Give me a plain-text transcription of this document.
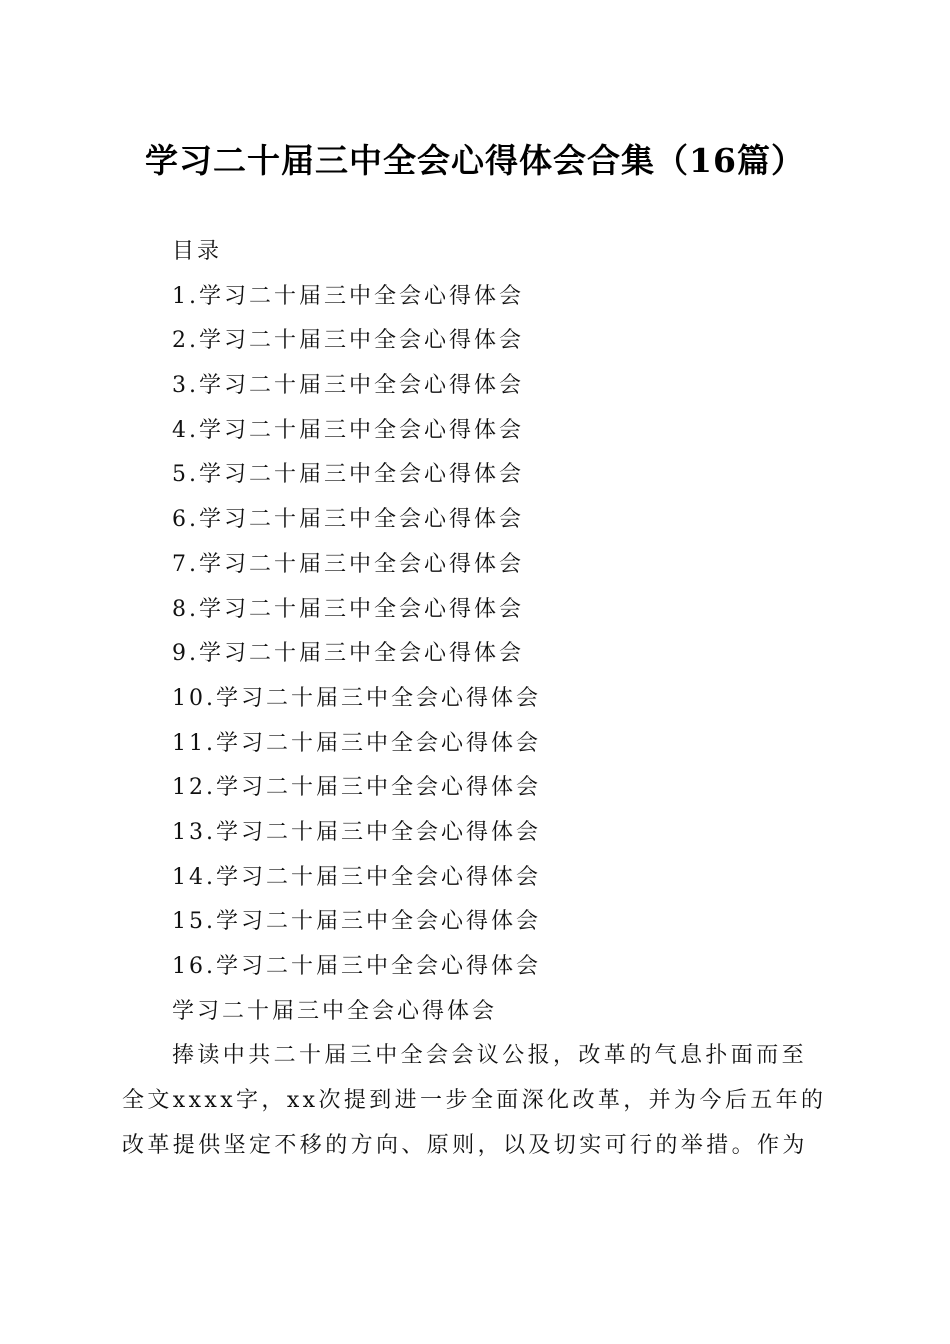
学习二十届三中全会心得体会合集（16篇）
目录
1.学习二十届三中全会心得体会
2.学习二十届三中全会心得体会
3.学习二十届三中全会心得体会
4.学习二十届三中全会心得体会
5.学习二十届三中全会心得体会
6.学习二十届三中全会心得体会
7.学习二十届三中全会心得体会
8.学习二十届三中全会心得体会
9.学习二十届三中全会心得体会
10.学习二十届三中全会心得体会
11.学习二十届三中全会心得体会
12.学习二十届三中全会心得体会
13.学习二十届三中全会心得体会
14.学习二十届三中全会心得体会
15.学习二十届三中全会心得体会
16.学习二十届三中全会心得体会
学习二十届三中全会心得体会
捧读中共二十届三中全会会议公报，改革的气息扑面而至
全文xxxx字，xx次提到进一步全面深化改革，并为今后五年的
改革提供坚定不移的方向、原则，以及切实可行的举措。作为
